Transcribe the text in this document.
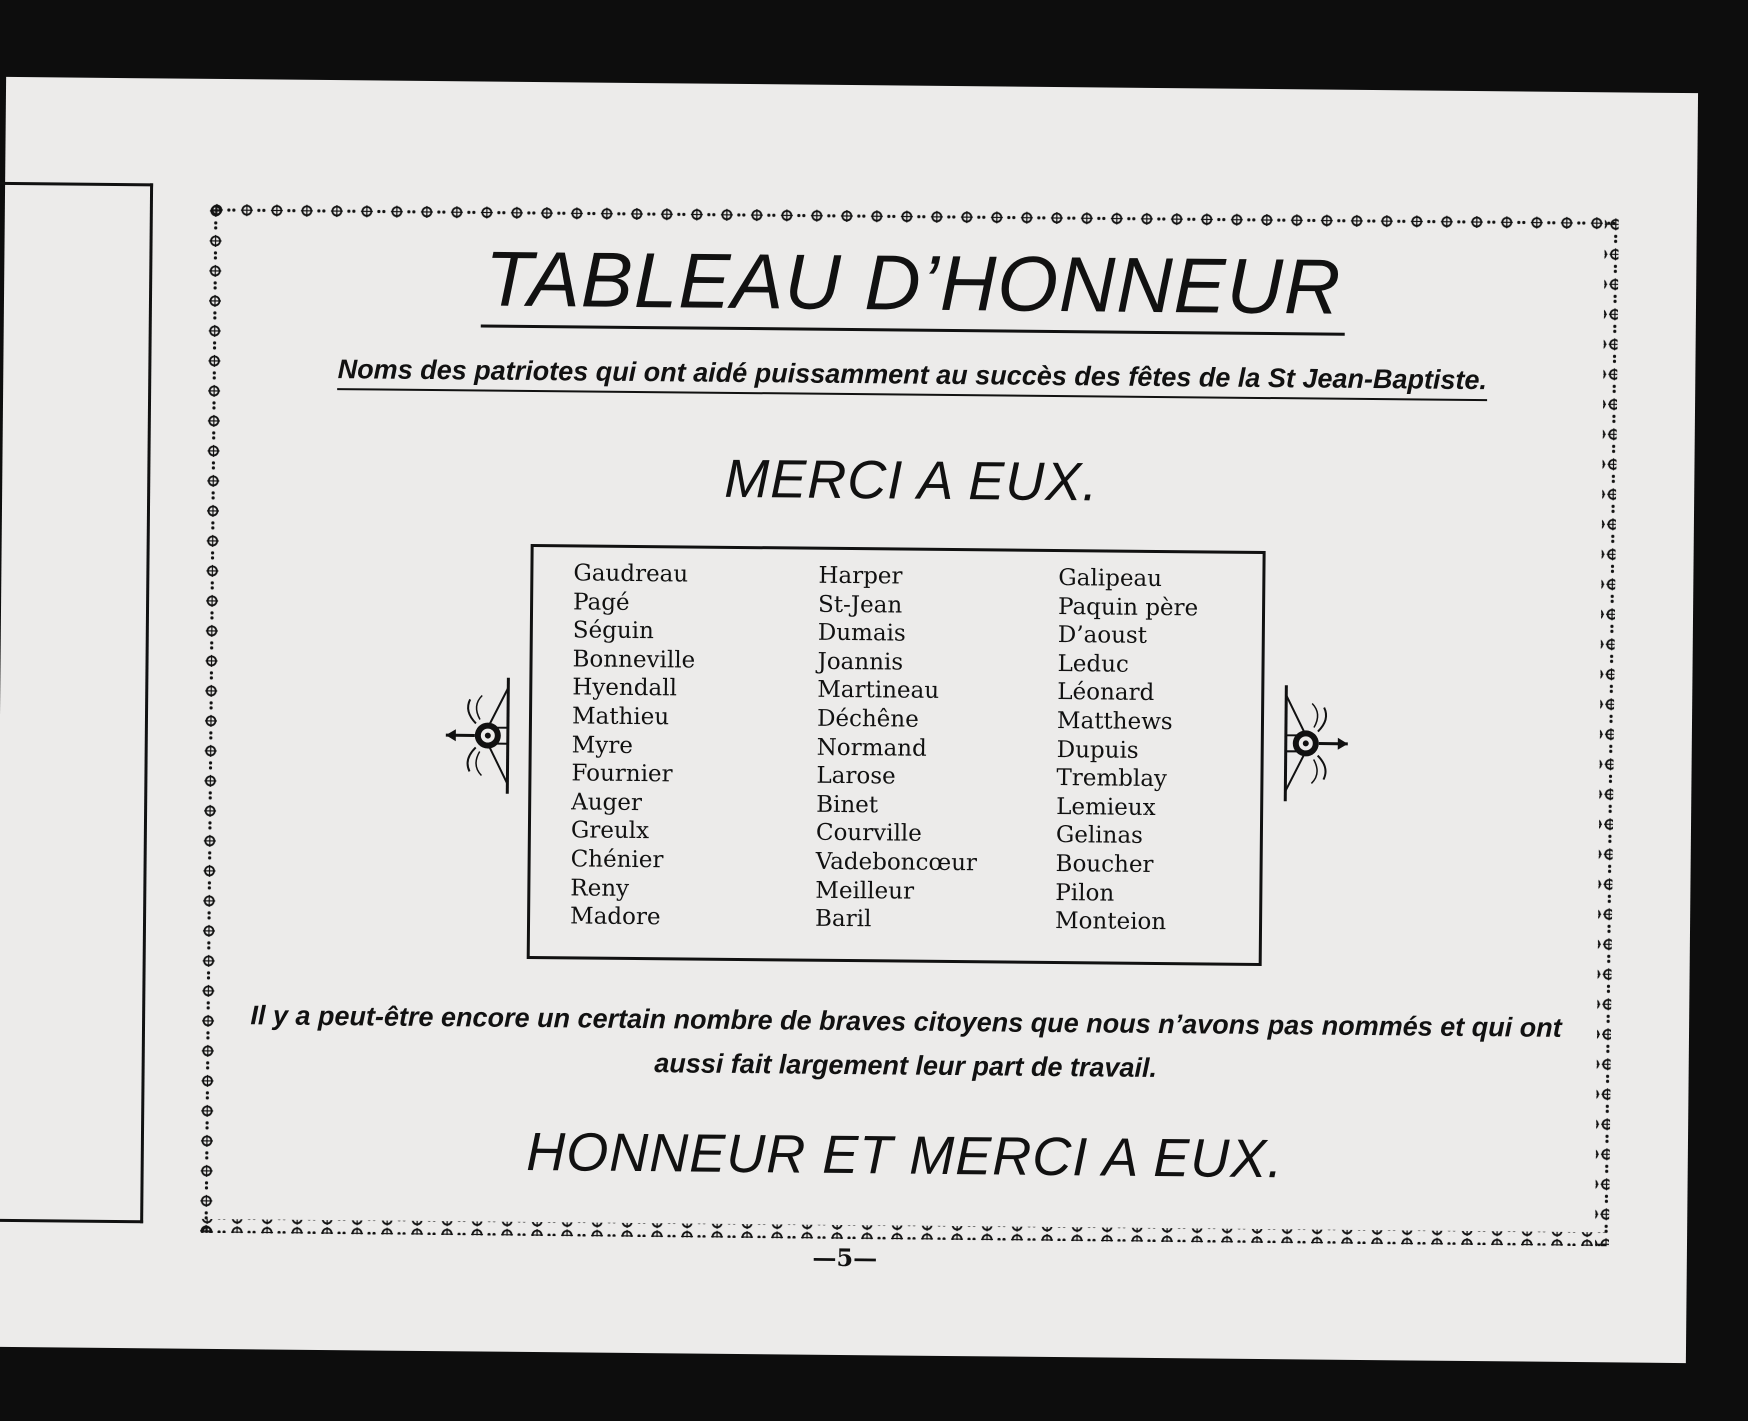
TABLEAU D’HONNEUR
Noms des patriotes qui ont aidé puissamment au succès des fêtes de la St Jean-Baptiste.
MERCI A EUX.
Gaudreau
Pagé
Séguin
Bonneville
Hyendall
Mathieu
Myre
Fournier
Auger
Greulx
Chénier
Reny
Madore
Harper
St-Jean
Dumais
Joannis
Martineau
Déchêne
Normand
Larose
Binet
Courville
Vadeboncœur
Meilleur
Baril
Galipeau
Paquin père
D’aoust
Leduc
Léonard
Matthews
Dupuis
Tremblay
Lemieux
Gelinas
Boucher
Pilon
Monteion
Il y a peut-être encore un certain nombre de braves citoyens que nous n’avons pas nommés et qui ont
aussi fait largement leur part de travail.
HONNEUR ET MERCI A EUX.
—5—
